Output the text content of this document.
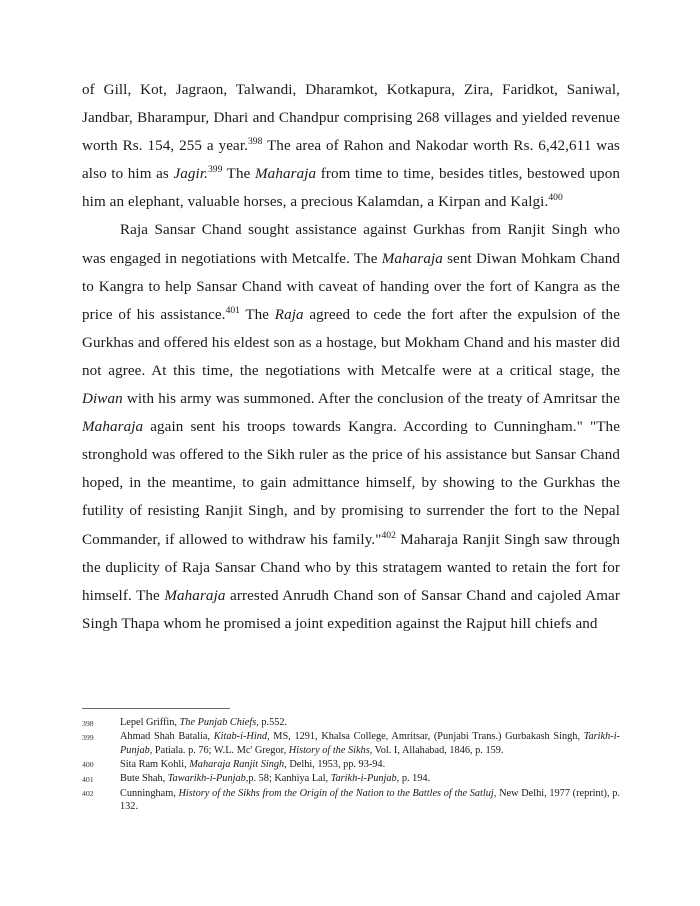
of Gill, Kot, Jagraon, Talwandi, Dharamkot, Kotkapura, Zira, Faridkot, Saniwal, Jandbar, Bharampur, Dhari and Chandpur comprising 268 villages and yielded revenue worth Rs. 154, 255 a year.$^{398}$ The area of Rahon and Nakodar worth Rs. 6,42,611 was also to him as Jagir.$^{399}$ The Maharaja from time to time, besides titles, bestowed upon him an elephant, valuable horses, a precious Kalamdan, a Kirpan and Kalgi.$^{400}$

Raja Sansar Chand sought assistance against Gurkhas from Ranjit Singh who was engaged in negotiations with Metcalfe. The Maharaja sent Diwan Mohkam Chand to Kangra to help Sansar Chand with caveat of handing over the fort of Kangra as the price of his assistance.$^{401}$ The Raja agreed to cede the fort after the expulsion of the Gurkhas and offered his eldest son as a hostage, but Mokham Chand and his master did not agree. At this time, the negotiations with Metcalfe were at a critical stage, the Diwan with his army was summoned. After the conclusion of the treaty of Amritsar the Maharaja again sent his troops towards Kangra. According to Cunningham." "The stronghold was offered to the Sikh ruler as the price of his assistance but Sansar Chand hoped, in the meantime, to gain admittance himself, by showing to the Gurkhas the futility of resisting Ranjit Singh, and by promising to surrender the fort to the Nepal Commander, if allowed to withdraw his family."$^{402}$ Maharaja Ranjit Singh saw through the duplicity of Raja Sansar Chand who by this stratagem wanted to retain the fort for himself. The Maharaja arrested Anrudh Chand son of Sansar Chand and cajoled Amar Singh Thapa whom he promised a joint expedition against the Rajput hill chiefs and

398	Lepel Griffin, The Punjab Chiefs, p.552.
399	Ahmad Shah Batalia, Kitab-i-Hind, MS, 1291, Khalsa College, Amritsar, (Punjabi Trans.) Gurbakash Singh, Tarikh-i-Punjab, Patiala. p. 76; W.L. Mc' Gregor, History of the Sikhs, Vol. I, Allahabad, 1846, p. 159.
400	Sita Ram Kohli, Maharaja Ranjit Singh, Delhi, 1953, pp. 93-94.
401	Bute Shah, Tawarikh-i-Punjab,p. 58; Kanhiya Lal, Tarikh-i-Punjab, p. 194.
402	Cunningham, History of the Sikhs from the Origin of the Nation to the Battles of the Satluj, New Delhi, 1977 (reprint), p. 132.
